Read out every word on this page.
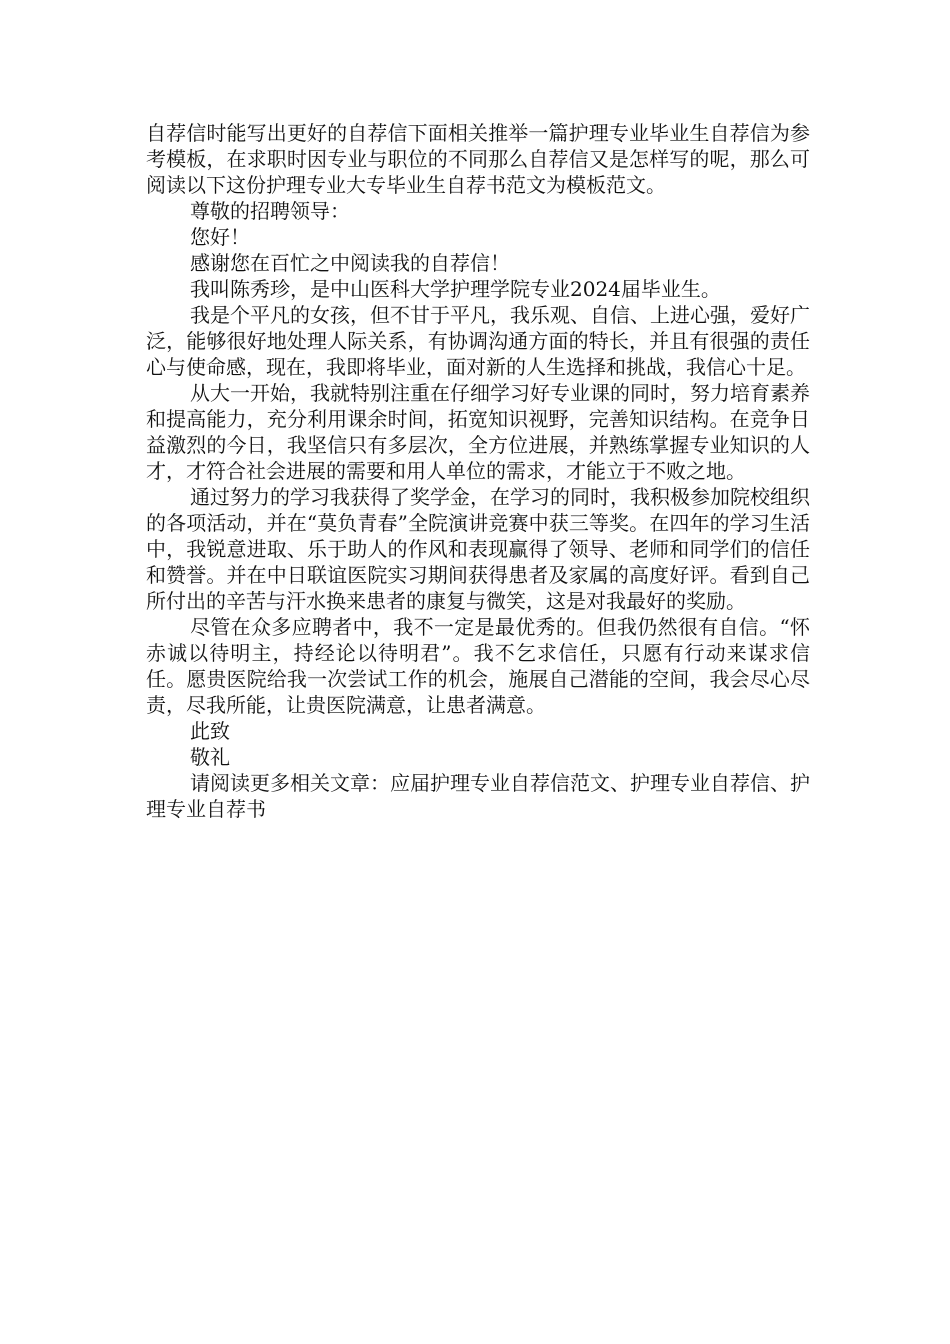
自荐信时能写出更好的自荐信下面相关推举一篇护理专业毕业生自荐信为参考模板，在求职时因专业与职位的不同那么自荐信又是怎样写的呢，那么可阅读以下这份护理专业大专毕业生自荐书范文为模板范文。

尊敬的招聘领导：

您好！

感谢您在百忙之中阅读我的自荐信！

我叫陈秀珍，是中山医科大学护理学院专业2024届毕业生。

我是个平凡的女孩，但不甘于平凡，我乐观、自信、上进心强，爱好广泛，能够很好地处理人际关系，有协调沟通方面的特长，并且有很强的责任心与使命感，现在，我即将毕业，面对新的人生选择和挑战，我信心十足。

从大一开始，我就特别注重在仔细学习好专业课的同时，努力培育素养和提高能力，充分利用课余时间，拓宽知识视野，完善知识结构。在竞争日益激烈的今日，我坚信只有多层次，全方位进展，并熟练掌握专业知识的人才，才符合社会进展的需要和用人单位的需求，才能立于不败之地。

通过努力的学习我获得了奖学金，在学习的同时，我积极参加院校组织的各项活动，并在“莫负青春”全院演讲竞赛中获三等奖。在四年的学习生活中，我锐意进取、乐于助人的作风和表现赢得了领导、老师和同学们的信任和赞誉。并在中日联谊医院实习期间获得患者及家属的高度好评。看到自己所付出的辛苦与汗水换来患者的康复与微笑，这是对我最好的奖励。

尽管在众多应聘者中，我不一定是最优秀的。但我仍然很有自信。“怀赤诚以待明主，持经论以待明君”。我不乞求信任，只愿有行动来谋求信任。愿贵医院给我一次尝试工作的机会，施展自己潜能的空间，我会尽心尽责，尽我所能，让贵医院满意，让患者满意。

此致

敬礼

请阅读更多相关文章：应届护理专业自荐信范文、护理专业自荐信、护理专业自荐书
